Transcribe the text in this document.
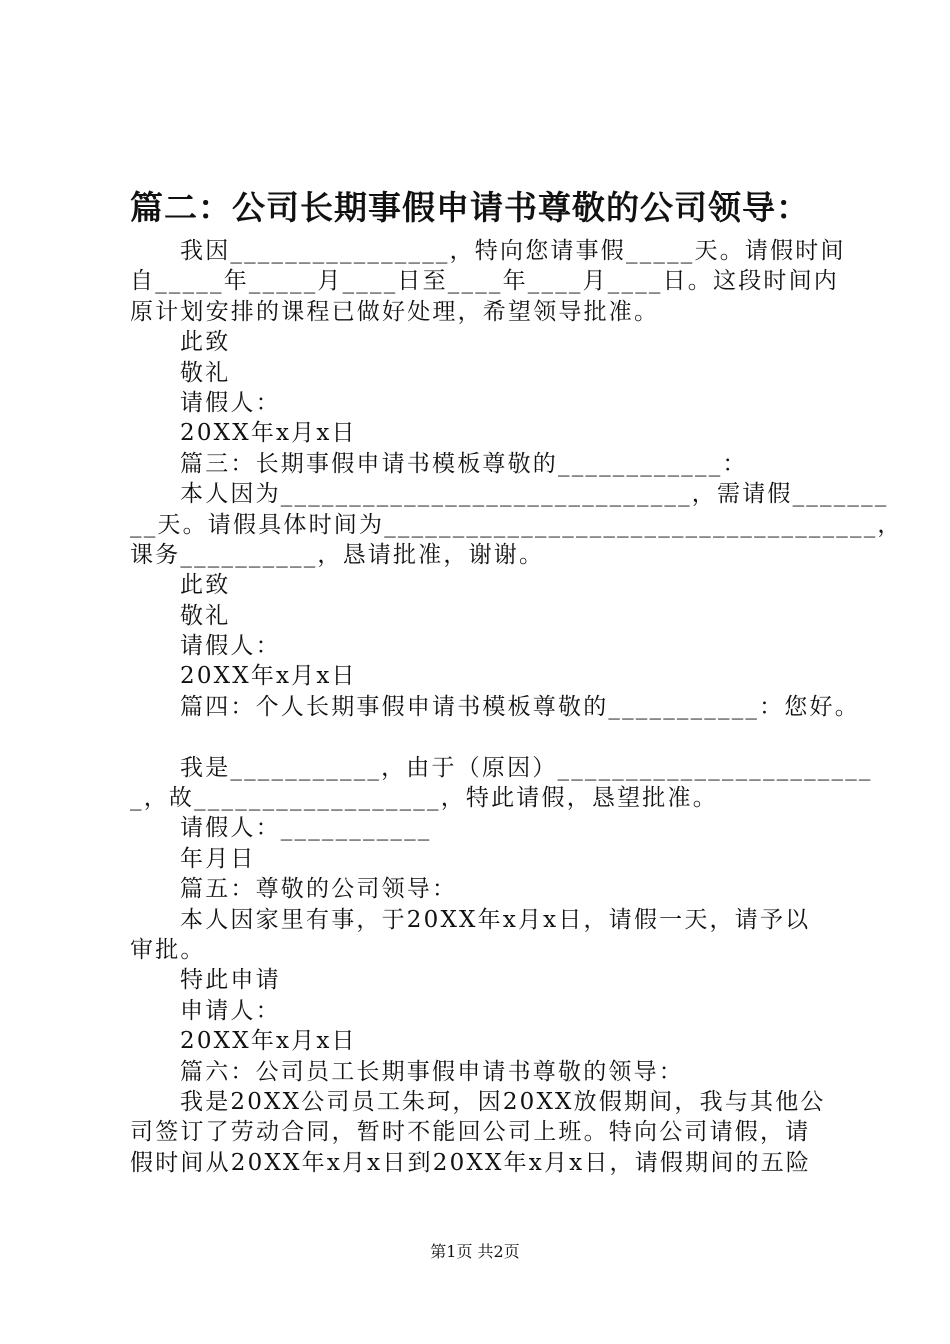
篇二：公司长期事假申请书尊敬的公司领导：
我因________________，特向您请事假_____天。请假时间
自_____年_____月____日至____年____月____日。这段时间内
原计划安排的课程已做好处理，希望领导批准。
此致
敬礼
请假人：
20XX年x月x日
篇三：长期事假申请书模板尊敬的____________：
本人因为______________________________，需请假_______
__天。请假具体时间为____________________________________，
课务__________，恳请批准，谢谢。
此致
敬礼
请假人：
20XX年x月x日
篇四：个人长期事假申请书模板尊敬的___________：您好。
我是___________，由于（原因）_______________________
_，故__________________，特此请假，恳望批准。
请假人：___________
年月日
篇五：尊敬的公司领导：
本人因家里有事，于20XX年x月x日，请假一天，请予以
审批。
特此申请
申请人：
20XX年x月x日
篇六：公司员工长期事假申请书尊敬的领导：
我是20XX公司员工朱珂，因20XX放假期间，我与其他公
司签订了劳动合同，暂时不能回公司上班。特向公司请假，请
假时间从20XX年x月x日到20XX年x月x日，请假期间的五险
第1页 共2页
